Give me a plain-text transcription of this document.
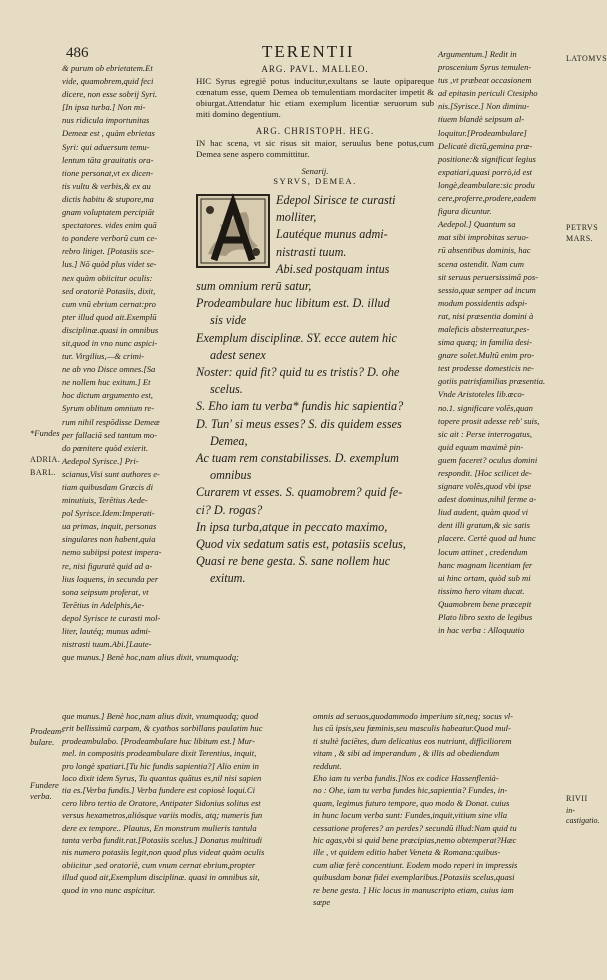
486	TERENTII
& purum ob ebrietatem.Et
vide, quamobrem,quid feci
dicere, non esse sobrij Syri.
[In ipsa turba.] Non mi-
nus ridicula importunitas
Demeæ est , quàm ebrietas
Syri: qui aduersum temu-
lentum tāta grauitatis ora-
tione personat,vt ex dicen-
tis vultu & verbis,& ex au
dictis habitu & stupore,ma
gnam voluptatem percipiāt
spectatores. vides enim quā
to pondere verborū cum ce-
rebro litiget. [Potasiis sce-
lus.] Nō quòd plus videt se-
nex quàm obiicitur oculis:
sed oratoriè Potasiis, dixit,
cum vnū ebrium cernat:pro
pter illud quod ait.Exemplū
disciplinæ.quasi in omnibus
sit,quod in vno nunc aspici-
tur. Virgilius,—& crimi-
ne ab vno Disce omnes.[Sa
ne nollem huc exitum.] Et
hoc dictum argumento est,
Syrum oblitum omnium re-
rum nihil respōdisse Demeæ
per fallaciā sed tantum mo-
do pœnitere quòd exierit.
Aedepol Syrisce.] Pri-
scianus,Visi sunt authores e-
tiam quibusdam Græcis di
minutiuis, Terētius Aede-
pol Syrisce.Idem:Imperati-
ua primas, inquit, personas
singulares non habent,quia
nemo subiipsi potest impera-
re, nisi figuratè quid ad a-
lius loquens, in secunda per
sona seipsum proferat, vt
Terētius in Adelphis,Ae-
depol Syrisce te curasti mol-
liter, lautéq; munus admi-
nistrasti tuum.Abi.[Laute-
que munus.] Benè hoc,nam alius dixit, vnumquodq;
*Fundes
ADRIA.
BARL.
Prodeam-bulare.
Fundere verba.
ARG. PAVL. MALLEO.
HIC Syrus egregiè potus inducitur,exultans se laute opipareque cœnatum esse, quem Demea ob temulentiam mordaciter impetit & obiurgat.Attendatur hic etiam exemplum licentiæ seruorum sub miti domino degentium.
ARG. CHRISTOPH. HEG.
IN hac scena, vt sic risus sit maior, seruulus bene potus,cum Demea sene aspero committitur.
Senarij.
SYRVS, DEMEA.
Edepol Sirisce te curasti
molliter,
Lautéque munus admi-
nistrasti tuum.
Abi.sed postquam intus
sum omnium rerū satur,
Prodeambulare huc libitum est. D. illud
sis vide
Exemplum disciplinæ. SY. ecce autem hic
adest senex
Noster: quid fit? quid tu es tristis? D. ohe
scelus.
S. Eho iam tu verba* fundis hic sapientia?
D. Tun' si meus esses? S. dis quidem esses
Demea,
Ac tuam rem constabilisses. D. exemplum
omnibus
Curarem vt esses. S. quamobrem? quid fe-
ci? D. rogas?
In ipsa turba,atque in peccato maximo,
Quod vix sedatum satis est, potasiis scelus,
Quasi re bene gesta. S. sane nollem huc
exitum.
Argumentum.] Redit in
proscenium Syrus temulen-
tus ,vt præbeat occasionem
ad epitasin periculi Ctesipho
nis.[Syrisce.] Non diminu-
tiuem blandè seipsum al-
loquitur.[Prodeambulare]
Delicatè dictū,gemina præ-
positione:& significat legius
expatiari,quasi porrò,id est
longè,deambulare:sic produ
cere,proferre,prodere,eadem
figura dicuntur.
Aedepol.] Quantum sa
mat sibi improbitas seruo-
rū absentibus dominis, hac
scena ostendit. Nam cum
sit seruus peruersissimā pos-
sessio,quæ semper ad incum
modum possidentis adspi-
rat, nisi præsentia domini à
maleficis absterreatur,pes-
sima quæq; in familia desi-
gnare solet.Multū enim pro-
test prodesse domesticis ne-
gotiis patrisfamilias præsentia.
Vnde Aristoteles lib.œco-
no.1. significare volēs,quan
topere prosit adesse reb' suis,
sic ait : Perse interrogatus,
quid equum maximè pin-
guem faceret? oculus domini
respondit. [Hoc scilicet de-
signare volēs,quod vbi ipse
adest dominus,nihil ferme a-
liud audent, quàm quod vi
dent illi gratum,& sic satis
placere. Certè quod ad hunc
locum attinet , credendum
hanc magnam licentiam fer
ui hinc ortam, quòd sub mi
tissimo hero vitam ducat.
Quamobrem bene præcepit
Plato libro sexto de legibus
in hac verba : Alloquutio
LATOMVS
PETRVS MARS.
RIVII
in- castigatio.
que munus.] Benè hoc,nam alius dixit, vnumquodq; quod
erit bellissimū carpam, & cyathos sorbillans paulatim huc
prodeambulabo. [Prodeambulare huc libitum est.] Mur-
mel. in compositis prodeambulare dixit Terentius, inquit,
pro longè spatiari.[Tu hic fundis sapientia?] Alio enim in
loco dixit idem Syrus, Tu quantus quātus es,nil nisi sapien
tia es.[Verba fundis.] Verba fundere est copiosè loqui.Ci
cero libro tertio de Oratore, Antipater Sidonius solitus est
versus hexametros,aliósque variis modis, atq; numeris fun
dere ex tempore.. Plautus, En monstrum mulieris tantula
tanta verba fundit.rat.[Potasiis scelus.] Donatus multitudi
nis numero potasiis legit,non quod plus videat quàm oculis
obiicitur ,sed oratoriè, cum vnum cernat ebrium,propter
illud quod ait,Exemplum disciplinæ. quasi in omnibus sit,
quod in vno nunc aspicitur.
omnis ad seruos,quodammodo imperium sit,neq; socus vl-
lus cū ipsis,seu fœminis,seu masculis habeatur.Quod mul-
ti stultè faciētes, dum delicatius eos nutriunt, difficiliorem
vitam , & sibi ad imperandum , & illis ad obediendum
reddunt.
Eho iam tu verba fundis.]Nos ex codice Hassenflenià-
no : Ohe, iam tu verba fundes hic,sapientia? Fundes, in-
quam, legimus futuro tempore, quo modo & Donat. cuius
in hunc locum verba sunt: Fundes,inquit,vitium sine vlla
cessatione proferes? an perdes? secundū illud:Nam quid tu
hic agas,vbi si quid bene præcipias,nemo obtemperat?Hæc
ille , vt quidem editio habet Veneta & Romana:quibus-
cum aliæ ferè concentiunt. Eodem modo reperi in impressis
quibusdam bonæ fidei exemplaribus.[Potasiis scelus,quasi
re bene gesta. ] Hic locus in manuscripto etiam, cuius iam
sæpe
